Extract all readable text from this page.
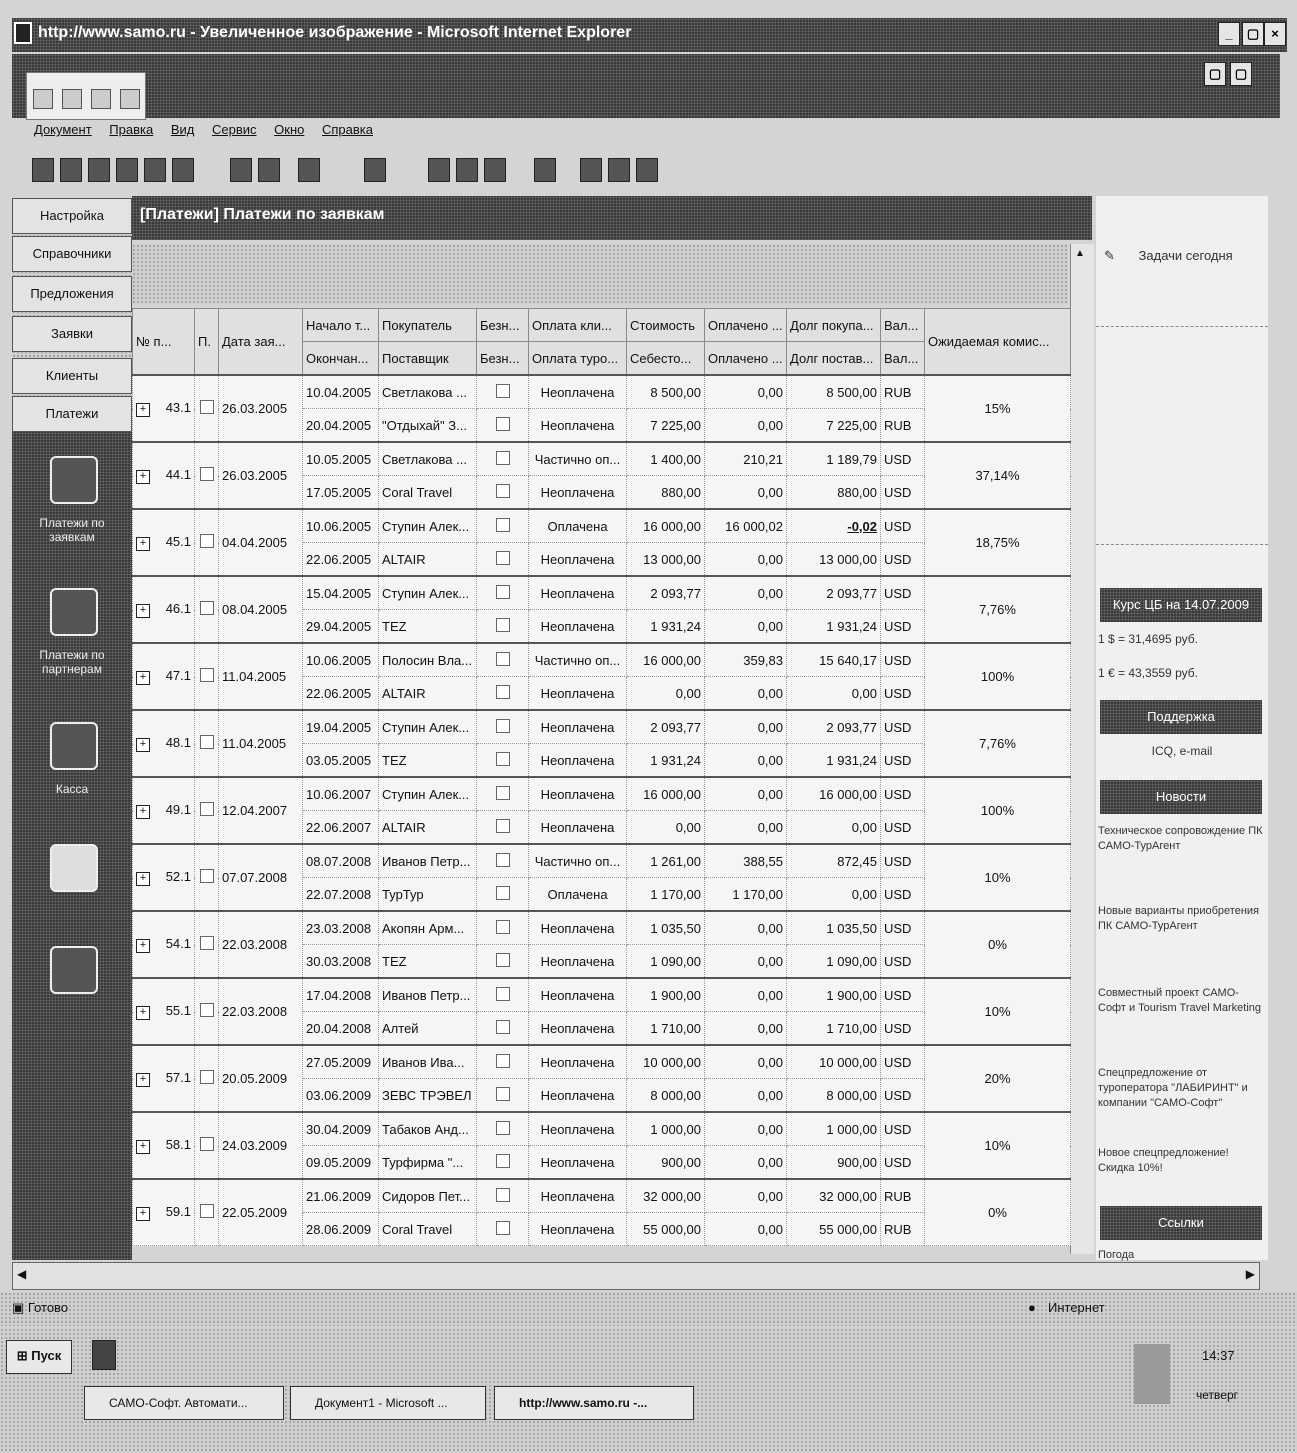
http://www.samo.ru - Увеличенное изображение - Microsoft Internet Explorer	_	▢ ×
▢	▢
Документ Правка Вид Сервис Окно Справка
Настройка
Справочники
Предложения
Заявки
Клиенты
Платежи
Платежи по заявкам
Платежи по партнерам
Касса
[Платежи] Платежи по заявкам
▲
№ п...	П.	Дата зая...	Начало т...	Покупатель	Безн...	Оплата кли...	Стоимость	Оплачено ...	Долг покупа...	Вал...	Ожидаемая комис...
			Окончан...	Поставщик	Безн...	Оплата туро...	Себесто...	Оплачено ...	Долг постав...	Вал...	
+ 43.1		26.03.2005	10.04.2005	Светлакова ...		Неоплачена	8 500,00	0,00	8 500,00	RUB	15%
			20.04.2005	"Отдыхай" З...		Неоплачена	7 225,00	0,00	7 225,00	RUB	
+ 44.1		26.03.2005	10.05.2005	Светлакова ...		Частично оп...	1 400,00	210,21	1 189,79	USD	37,14%
			17.05.2005	Coral Travel		Неоплачена	880,00	0,00	880,00	USD	
+ 45.1		04.04.2005	10.06.2005	Ступин Алек...		Оплачена	16 000,00	16 000,02	-0,02	USD	18,75%
			22.06.2005	ALTAIR		Неоплачена	13 000,00	0,00	13 000,00	USD	
+ 46.1		08.04.2005	15.04.2005	Ступин Алек...		Неоплачена	2 093,77	0,00	2 093,77	USD	7,76%
			29.04.2005	TEZ		Неоплачена	1 931,24	0,00	1 931,24	USD	
+ 47.1		11.04.2005	10.06.2005	Полосин Вла...		Частично оп...	16 000,00	359,83	15 640,17	USD	100%
			22.06.2005	ALTAIR		Неоплачена	0,00	0,00	0,00	USD	
+ 48.1		11.04.2005	19.04.2005	Ступин Алек...		Неоплачена	2 093,77	0,00	2 093,77	USD	7,76%
			03.05.2005	TEZ		Неоплачена	1 931,24	0,00	1 931,24	USD	
+ 49.1		12.04.2007	10.06.2007	Ступин Алек...		Неоплачена	16 000,00	0,00	16 000,00	USD	100%
			22.06.2007	ALTAIR		Неоплачена	0,00	0,00	0,00	USD	
+ 52.1		07.07.2008	08.07.2008	Иванов Петр...		Частично оп...	1 261,00	388,55	872,45	USD	10%
			22.07.2008	ТурТур		Оплачена	1 170,00	1 170,00	0,00	USD	
+ 54.1		22.03.2008	23.03.2008	Акопян Арм...		Неоплачена	1 035,50	0,00	1 035,50	USD	0%
			30.03.2008	TEZ		Неоплачена	1 090,00	0,00	1 090,00	USD	
+ 55.1		22.03.2008	17.04.2008	Иванов Петр...		Неоплачена	1 900,00	0,00	1 900,00	USD	10%
			20.04.2008	Алтей		Неоплачена	1 710,00	0,00	1 710,00	USD	
+ 57.1		20.05.2009	27.05.2009	Иванов Ива...		Неоплачена	10 000,00	0,00	10 000,00	USD	20%
			03.06.2009	ЗЕВС ТРЭВЕЛ		Неоплачена	8 000,00	0,00	8 000,00	USD	
+ 58.1		24.03.2009	30.04.2009	Табаков Анд...		Неоплачена	1 000,00	0,00	1 000,00	USD	10%
			09.05.2009	Турфирма "...		Неоплачена	900,00	0,00	900,00	USD	
+ 59.1		22.05.2009	21.06.2009	Сидоров Пет...		Неоплачена	32 000,00	0,00	32 000,00	RUB	0%
			28.06.2009	Coral Travel		Неоплачена	55 000,00	0,00	55 000,00	RUB	
✎ Задачи сегодня
Курс ЦБ на 14.07.2009
1 $ = 31,4695 руб.
1 € = 43,3559 руб.
Поддержка
ICQ, e-mail
Новости
Техническое сопровождение ПК САМО-ТурАгент
Новые варианты приобретения ПК САМО-ТурАгент
Совместный проект САМО-Софт и Tourism Travel Marketing
Спецпредложение от туроператора "ЛАБИРИНТ" и компании "САМО-Софт"
Новое спецпредложение! Скидка 10%!
Ссылки
Погода
◀	▶
▣ Готово	● Интернет
⊞ Пуск	14:37
четверг
САМО-Софт. Автомати...	Документ1 - Microsoft ...	http://www.samo.ru -...
